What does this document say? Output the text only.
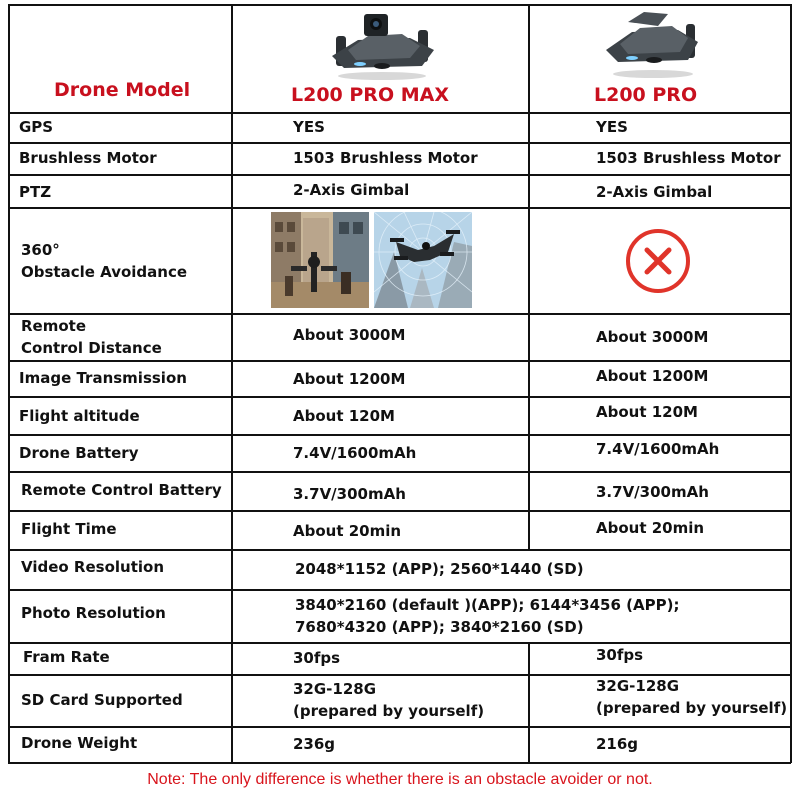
Drone Model	L200 PRO MAX	L200 PRO
GPS
Brushless Motor
PTZ
360°
Obstacle Avoidance
Remote
Control Distance
Image Transmission
Flight altitude
Drone Battery
Remote Control Battery
Flight Time
Video Resolution
Photo Resolution
Fram Rate
SD Card Supported
Drone Weight
YES
1503 Brushless Motor
2-Axis Gimbal
About 3000M
About 1200M
About 120M
7.4V/1600mAh
3.7V/300mAh
About 20min
2048*1152 (APP); 2560*1440 (SD)
3840*2160 (default )(APP); 6144*3456 (APP);
7680*4320 (APP); 3840*2160 (SD)
30fps
32G-128G
(prepared by yourself)
236g
YES
1503 Brushless Motor
2-Axis Gimbal
About 3000M
About 1200M
About 120M
7.4V/1600mAh
3.7V/300mAh
About 20min
30fps
32G-128G
(prepared by yourself)
216g
Note: The only difference is whether there is an obstacle avoider or not.
